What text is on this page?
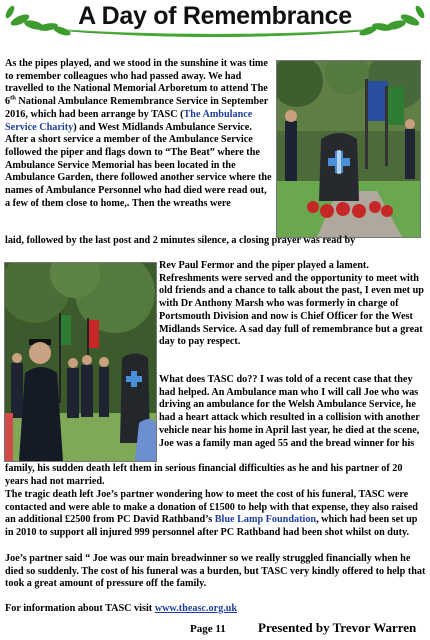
A Day of Remembrance

As the pipes played, and we stood in the sunshine it was time to remember colleagues who had passed away. We had travelled to the National Memorial Arboretum to attend The 6th National Ambulance Remembrance Service in September 2016, which had been arrange by TASC (The Ambulance Service Charity) and West Midlands Ambulance Service.
After a short service a member of the Ambulance Service followed the piper and flags down to “The Beat” where the Ambulance Service Memorial has been located in the Ambulance Garden, there followed another service where the names of Ambulance Personnel who had died were read out, a few of them close to home,. Then the wreaths were

laid, followed by the last post and 2 minutes silence, a closing prayer was read by

Rev Paul Fermor and the piper played a lament. Refreshments were served and the opportunity to meet with old friends and a chance to talk about the past, I even met up with Dr Anthony Marsh who was formerly in charge of Portsmouth Division and now is Chief Officer for the West Midlands Service. A sad day full of remembrance but a great day to pay respect.

What does TASC do?? I was told of a recent case that they had helped. An Ambulance man who I will call Joe who was driving an ambulance for the Welsh Ambulance Service, he had a heart attack which resulted in a collision with another vehicle near his home in April last year, he died at the scene, Joe was a family man aged 55 and the bread winner for his

family, his sudden death left them in serious financial difficulties as he and his partner of 20 years had not married.

The tragic death left Joe’s partner wondering how to meet the cost of his funeral, TASC were contacted and were able to make a donation of £1500 to help with that expense, they also raised an additional £2500 from PC David Rathband’s Blue Lamp Foundation, which had been set up in 2010 to support all injured 999 personnel after PC Rathband had been shot whilst on duty.

Joe’s partner said “ Joe was our main breadwinner so we really struggled financially when he died so suddenly. The cost of his funeral was a burden, but TASC very kindly offered to help that took a great amount of pressure off the family.

For information about TASC visit www.theasc.org.uk

Page 11 Presented by Trevor Warren
